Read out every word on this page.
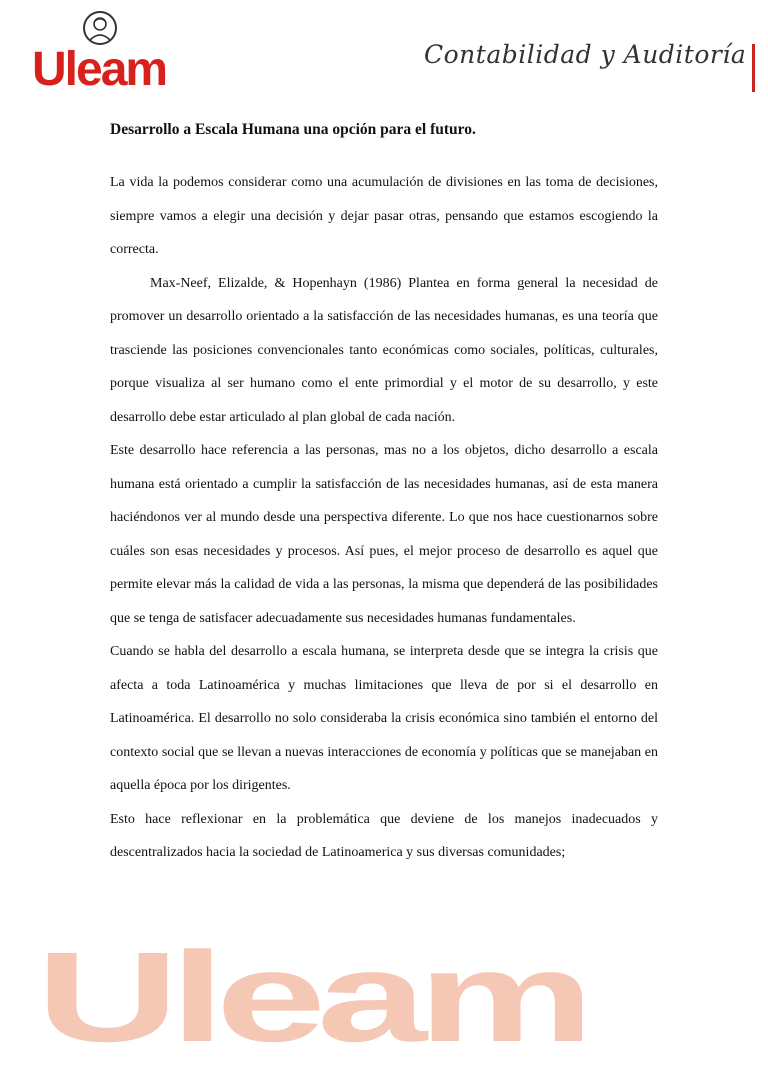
Uleam	Contabilidad y Auditoría
Desarrollo a Escala Humana una opción para el futuro.

La vida la podemos considerar como una acumulación de divisiones en las toma de decisiones, siempre vamos a elegir una decisión y dejar pasar otras, pensando que estamos escogiendo la correcta.

Max-Neef, Elizalde, & Hopenhayn (1986) Plantea en forma general la necesidad de promover un desarrollo orientado a la satisfacción de las necesidades humanas, es una teoría que trasciende las posiciones convencionales tanto económicas como sociales, políticas, culturales, porque visualiza al ser humano como el ente primordial y el motor de su desarrollo, y este desarrollo debe estar articulado al plan global de cada nación.

Este desarrollo hace referencia a las personas, mas no a los objetos, dicho desarrollo a escala humana está orientado a cumplir la satisfacción de las necesidades humanas, así de esta manera haciéndonos ver al mundo desde una perspectiva diferente. Lo que nos hace cuestionarnos sobre cuáles son esas necesidades y procesos. Así pues, el mejor proceso de desarrollo es aquel que permite elevar más la calidad de vida a las personas, la misma que dependerá de las posibilidades que se tenga de satisfacer adecuadamente sus necesidades humanas fundamentales.

Cuando se habla del desarrollo a escala humana, se interpreta desde que se integra la crisis que afecta a toda Latinoamérica y muchas limitaciones que lleva de por si el desarrollo en Latinoamérica. El desarrollo no solo consideraba la crisis económica sino también el entorno del contexto social que se llevan a nuevas interacciones de economía y políticas que se manejaban en aquella época por los dirigentes.

Esto hace reflexionar en la problemática que deviene de los manejos inadecuados y descentralizados hacia la sociedad de Latinoamerica y sus diversas comunidades;

Uleam
